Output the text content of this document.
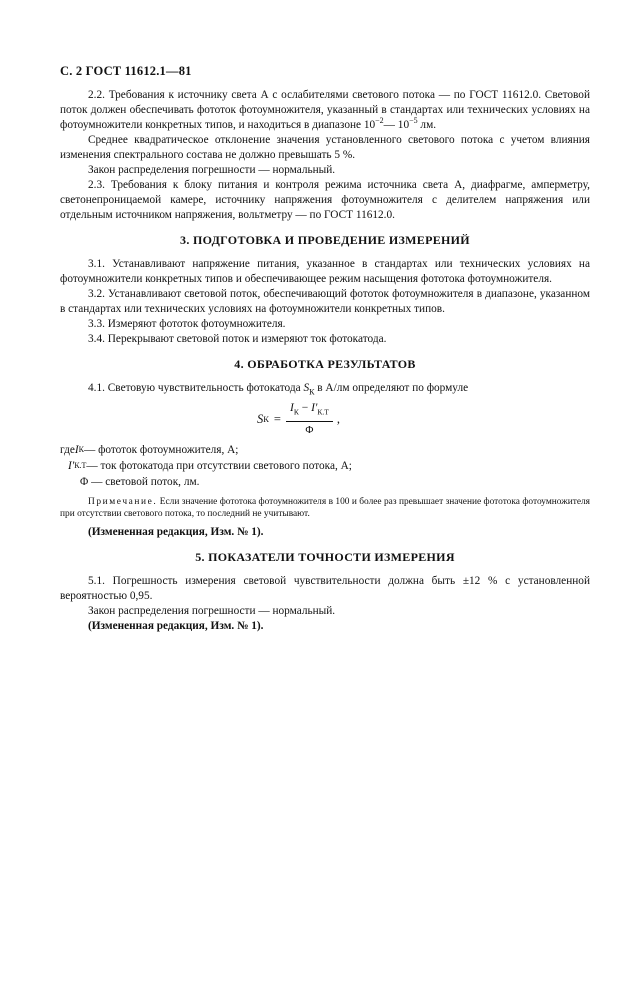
С. 2 ГОСТ 11612.1—81

2.2. Требования к источнику света А с ослабителями светового потока — по ГОСТ 11612.0. Световой поток должен обеспечивать фототок фотоумножителя, указанный в стандартах или технических условиях на фотоумножители конкретных типов, и находиться в диапазоне $10^{-2}—$ $10^{-5}$ лм.

Среднее квадратическое отклонение значения установленного светового потока с учетом влияния изменения спектрального состава не должно превышать 5 %.

Закон распределения погрешности — нормальный.

2.3. Требования к блоку питания и контроля режима источника света А, диафрагме, амперметру, светонепроницаемой камере, источнику напряжения фотоумножителя с делителем напряжения или отдельным источником напряжения, вольтметру — по ГОСТ 11612.0.

3. ПОДГОТОВКА И ПРОВЕДЕНИЕ ИЗМЕРЕНИЙ

3.1. Устанавливают напряжение питания, указанное в стандартах или технических условиях на фотоумножители конкретных типов и обеспечивающее режим насыщения фототока фотоумножителя.

3.2. Устанавливают световой поток, обеспечивающий фототок фотоумножителя в диапазоне, указанном в стандартах или технических условиях на фотоумножители конкретных типов.

3.3. Измеряют фототок фотоумножителя.

3.4. Перекрывают световой поток и измеряют ток фотокатода.

4. ОБРАБОТКА РЕЗУЛЬТАТОВ

4.1. Световую чувствительность фотокатода $S_К$ в А/лм определяют по формуле

S $К = \frac{I_К - I'_{К.Т}}{\Phi}$ ,
где I К — фототок фотоумножителя, А;
I' К.Т — ток фотокатода при отсутствии светового потока, А;
Φ — световой поток, лм.

Примечание. Если значение фототока фотоумножителя в 100 и более раз превышает значение фототока фотоумножителя при отсутствии светового потока, то последний не учитывают.

(Измененная редакция, Изм. № 1).

5. ПОКАЗАТЕЛИ ТОЧНОСТИ ИЗМЕРЕНИЯ

5.1. Погрешность измерения световой чувствительности должна быть ±12 % с установленной вероятностью 0,95.

Закон распределения погрешности — нормальный.

(Измененная редакция, Изм. № 1).
